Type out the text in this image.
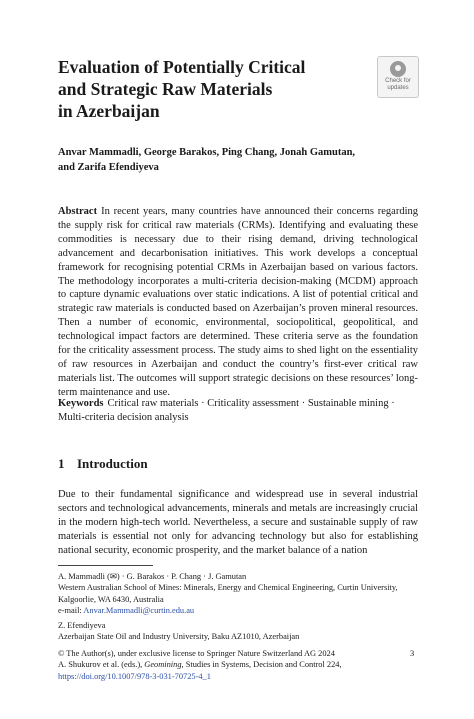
Evaluation of Potentially Critical
and Strategic Raw Materials
in Azerbaijan
Check for
updates
Anvar Mammadli, George Barakos, Ping Chang, Jonah Gamutan,
and Zarifa Efendiyeva
Abstract In recent years, many countries have announced their concerns regarding the supply risk for critical raw materials (CRMs). Identifying and evaluating these commodities is necessary due to their rising demand, driving technological advancement and decarbonisation initiatives. This work develops a conceptual framework for recognising potential CRMs in Azerbaijan based on various factors. The methodology incorporates a multi-criteria decision-making (MCDM) approach to capture dynamic evaluations over static indications. A list of potential critical and strategic raw materials is conducted based on Azerbaijan’s proven mineral resources. Then a number of economic, environmental, sociopolitical, geopolitical, and technological impact factors are determined. These criteria serve as the foundation for the criticality assessment process. The study aims to shed light on the essentiality of raw resources in Azerbaijan and conduct the country’s first-ever critical raw materials list. The outcomes will support strategic decisions on these resources’ long-term maintenance and use.
Keywords Critical raw materials · Criticality assessment · Sustainable mining · Multi-criteria decision analysis
1 Introduction
Due to their fundamental significance and widespread use in several industrial sectors and technological advancements, minerals and metals are increasingly crucial in the modern high-tech world. Nevertheless, a secure and sustainable supply of raw materials is essential not only for advancing technology but also for establishing national security, economic prosperity, and the market balance of a nation
A. Mammadli (✉) · G. Barakos · P. Chang · J. Gamutan
Western Australian School of Mines: Minerals, Energy and Chemical Engineering, Curtin University, Kalgoorlie, WA 6430, Australia
e-mail: Anvar.Mammadli@curtin.edu.au
Z. Efendiyeva
Azerbaijan State Oil and Industry University, Baku AZ1010, Azerbaijan
© The Author(s), under exclusive license to Springer Nature Switzerland AG 2024
A. Shukurov et al. (eds.), Geomining, Studies in Systems, Decision and Control 224,
https://doi.org/10.1007/978-3-031-70725-4_1
3
